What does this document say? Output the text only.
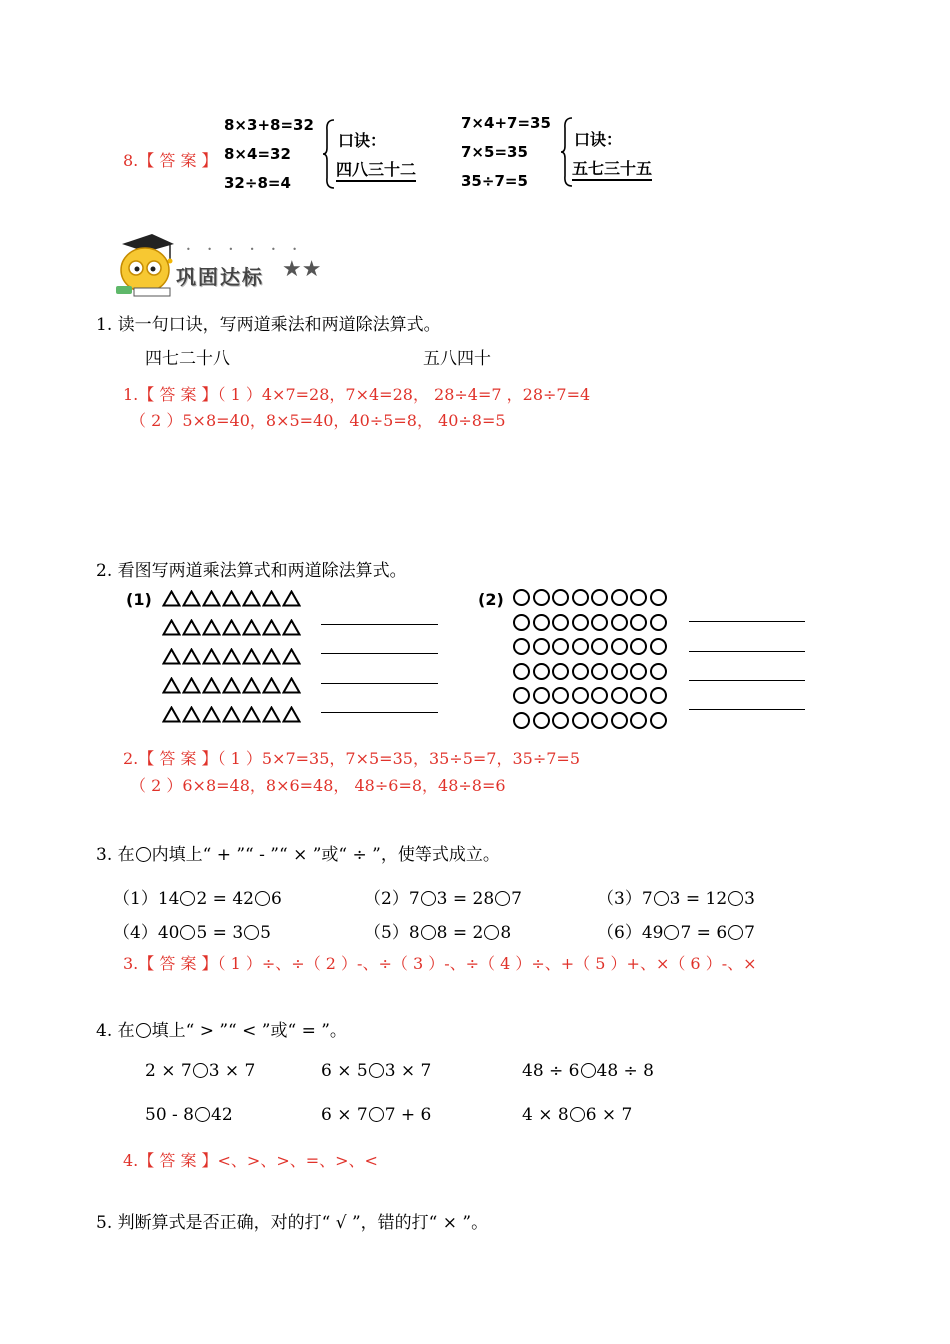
8.【 答 案 】
8×3+8=32
8×4=32
32÷8=4
口诀：
四八三十二
7×4+7=35
7×5=35
35÷7=5
口诀：
五七三十五
巩固达标 ★★
• • • • • •
1. 读一句口诀，写两道乘法和两道除法算式。
四七二十八	五八四十
1.【 答 案 】（ 1 ）4×7=28，7×4=28， 28÷4=7 ，28÷7=4
（ 2 ）5×8=40，8×5=40，40÷5=8， 40÷8=5
2. 看图写两道乘法算式和两道除法算式。
(1)	(2)
2.【 答 案 】（ 1 ）5×7=35，7×5=35，35÷5=7，35÷7=5
（ 2 ）6×8=48，8×6=48， 48÷6=8，48÷8=6
3. 在 内填上“ + ”“ - ”“ × ”或“ ÷ ”，使等式成立。
（1）14 2 = 42 6	（2）7 3 = 28 7	（3）7 3 = 12 3
（4）40 5 = 3 5	（5）8 8 = 2 8	（6）49 7 = 6 7
3.【 答 案 】（ 1 ）÷、÷（ 2 ）-、÷（ 3 ）-、÷（ 4 ）÷、+（ 5 ）+、×（ 6 ）-、×
4. 在 填上“ > ”“ < ”或“ = ”。
2 × 7 3 × 7	6 × 5 3 × 7	48 ÷ 6 48 ÷ 8
50 - 8 42	6 × 7 7 + 6	4 × 8 6 × 7
4.【 答 案 】<、>、>、=、>、<
5. 判断算式是否正确，对的打“ √ ”，错的打“ × ”。
